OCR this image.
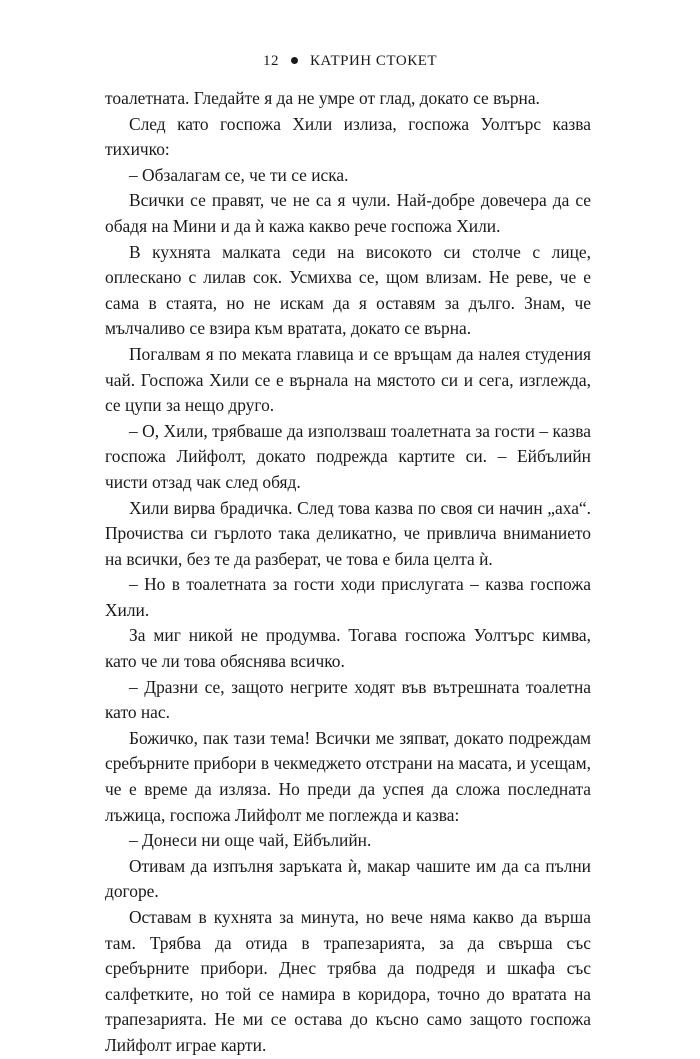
12 КАТРИН СТОКЕТ

тоалетната. Гледайте я да не умре от глад, докато се върна.

След като госпожа Хили излиза, госпожа Уолтърс казва тихичко:

– Обзалагам се, че ти се иска.

Всички се правят, че не са я чули. Най-добре довечера да се обадя на Мини и да ѝ кажа какво рече госпожа Хили.

В кухнята малката седи на високото си столче с лице, оплескано с лилав сок. Усмихва се, щом влизам. Не реве, че е сама в стаята, но не искам да я оставям за дълго. Знам, че мълчаливо се взира към вратата, докато се върна.

Погалвам я по меката главица и се връщам да налея студения чай. Госпожа Хили се е върнала на мястото си и сега, изглежда, се цупи за нещо друго.

– О, Хили, трябваше да използваш тоалетната за гости – казва госпожа Лийфолт, докато подрежда картите си. – Ейбълийн чисти отзад чак след обяд.

Хили вирва брадичка. След това казва по своя си начин „аха“. Прочиства си гърлото така деликатно, че привлича вниманието на всички, без те да разберат, че това е била целта ѝ.

– Но в тоалетната за гости ходи прислугата – казва госпожа Хили.

За миг никой не продумва. Тогава госпожа Уолтърс кимва, като че ли това обяснява всичко.

– Дразни се, защото негрите ходят във вътрешната тоалетна като нас.

Божичко, пак тази тема! Всички ме зяпват, докато подреждам сребърните прибори в чекмеджето отстрани на масата, и усещам, че е време да изляза. Но преди да успея да сложа последната лъжица, госпожа Лийфолт ме поглежда и казва:

– Донеси ни още чай, Ейбълийн.

Отивам да изпълня заръката ѝ, макар чашите им да са пълни догоре.

Оставам в кухнята за минута, но вече няма какво да върша там. Трябва да отида в трапезарията, за да свърша със сребърните прибори. Днес трябва да подредя и шкафа със салфетките, но той се намира в коридора, точно до вратата на трапезарията. Не ми се остава до късно само защото госпожа Лийфолт играе карти.
